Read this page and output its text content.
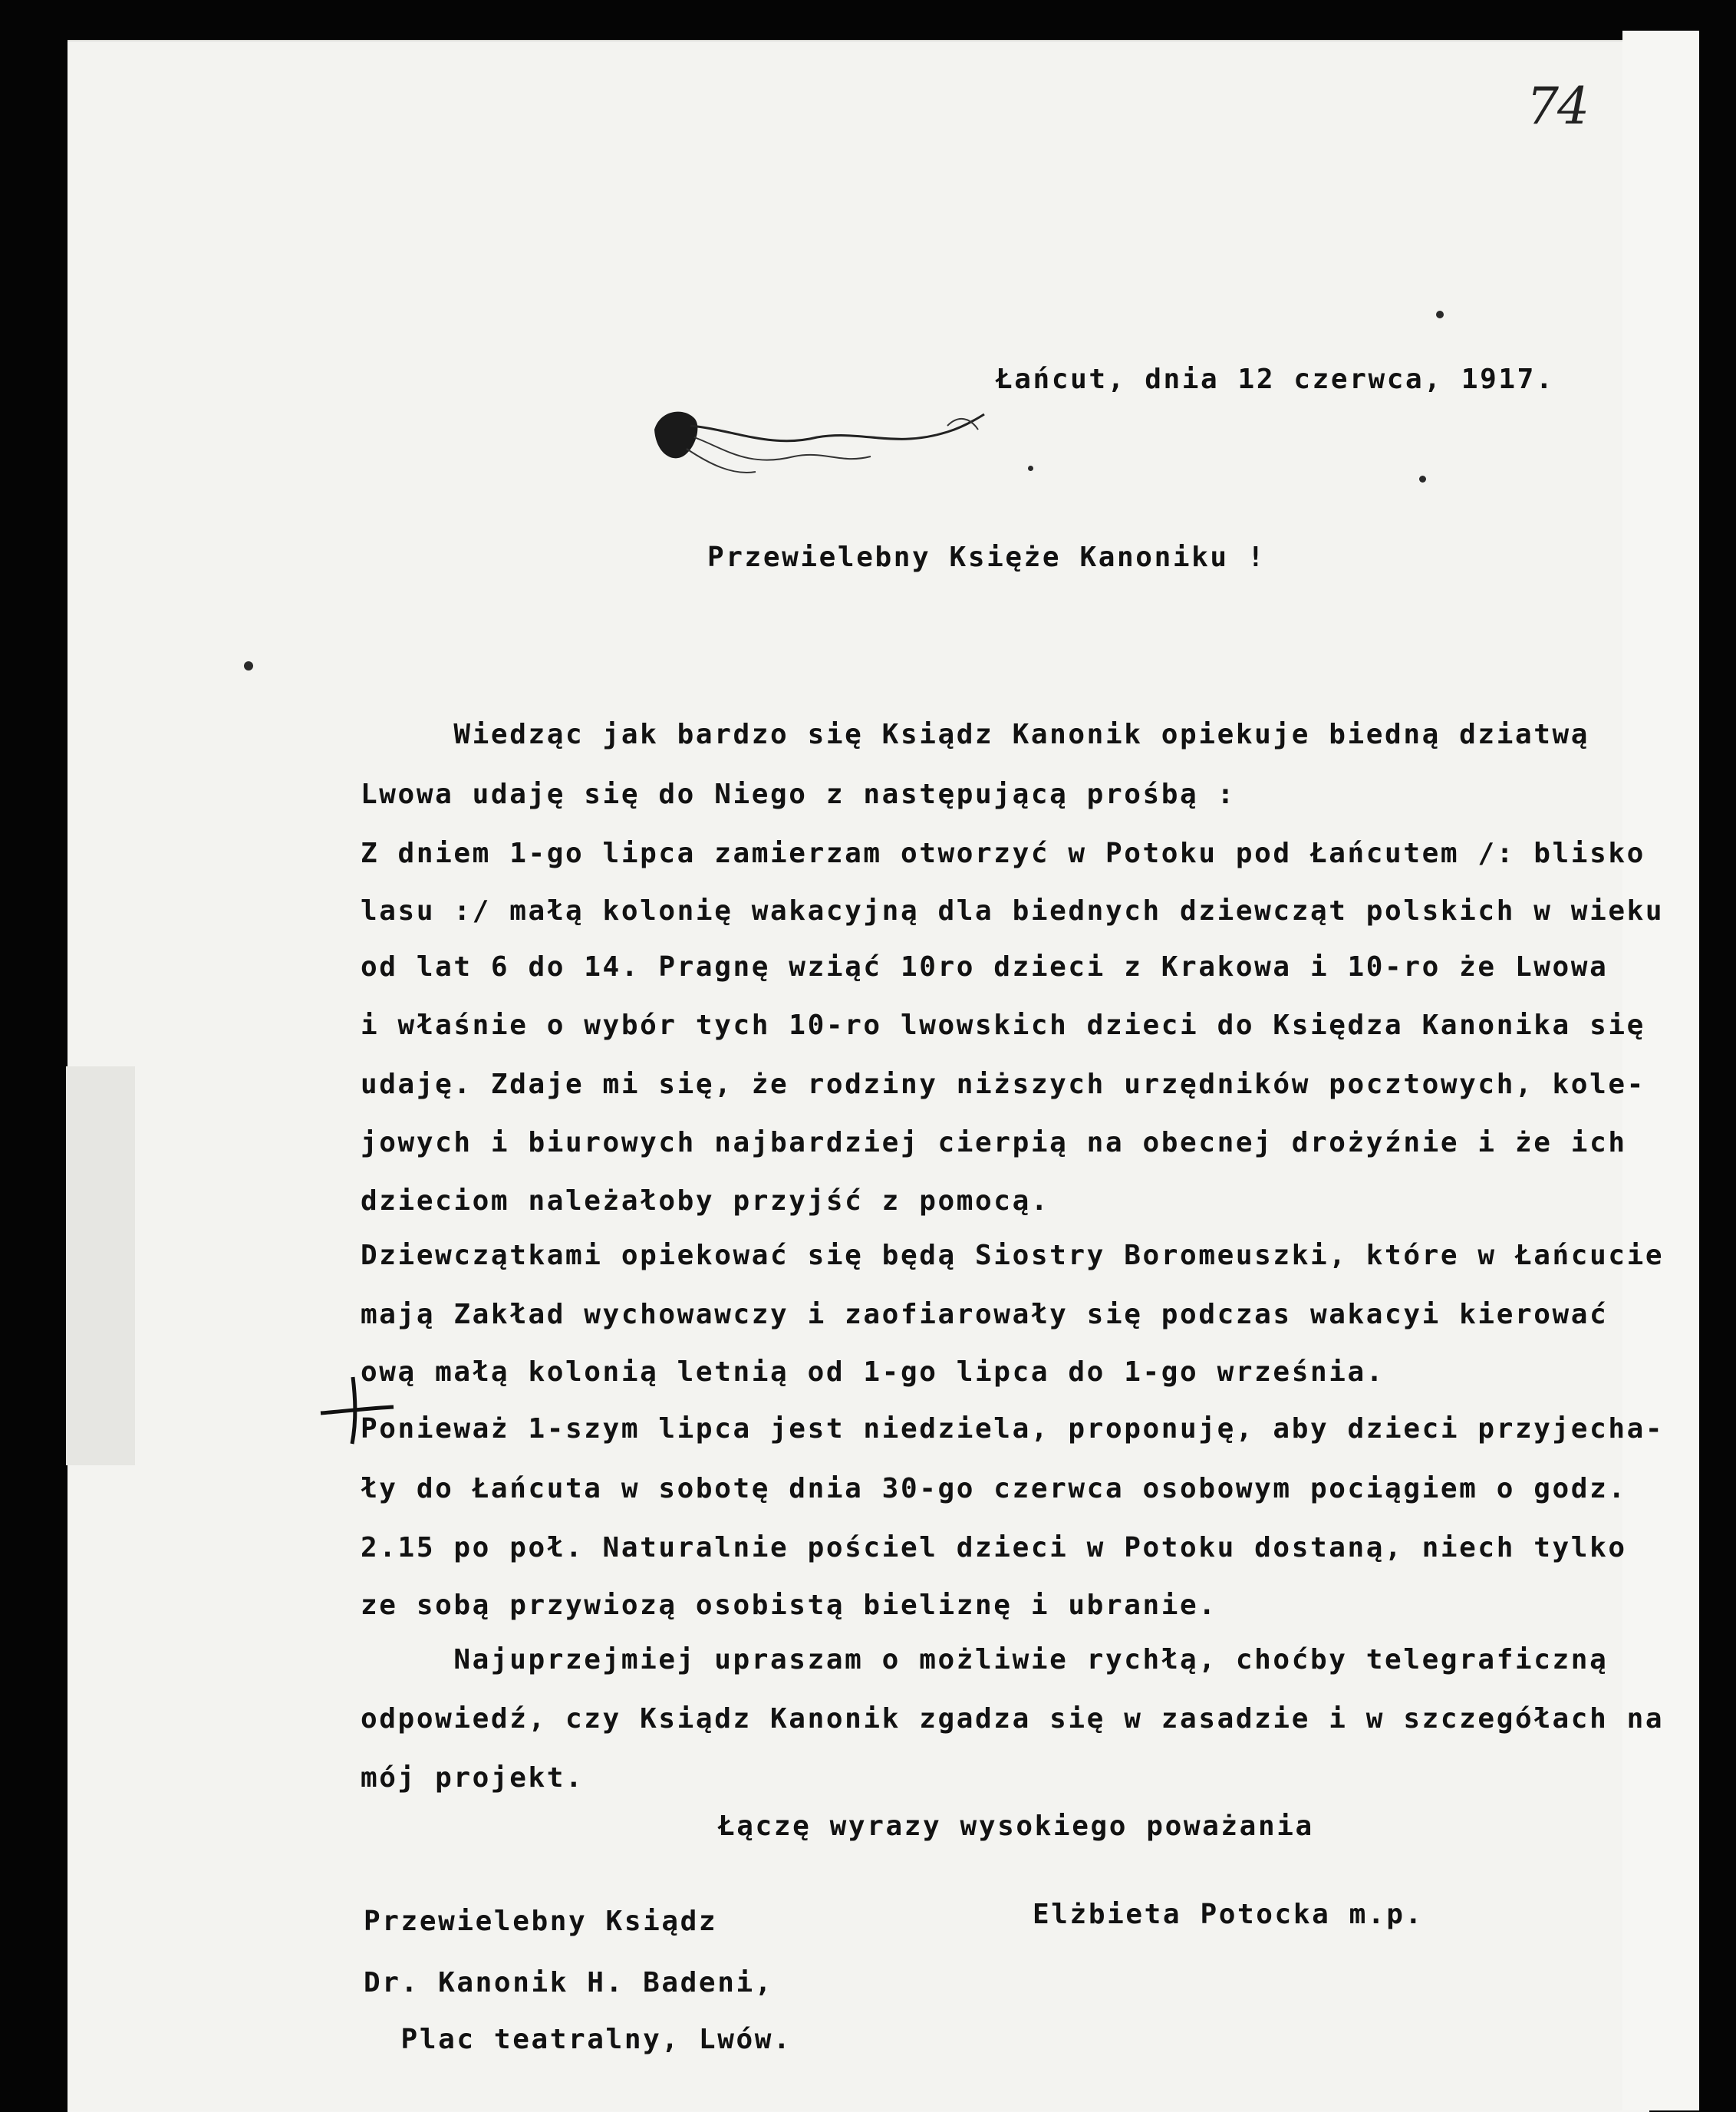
74
Łańcut, dnia 12 czerwca, 1917.
Przewielebny Księże Kanoniku !
Wiedząc jak bardzo się Ksiądz Kanonik opiekuje biedną dziatwą
Lwowa udaję się do Niego z następującą prośbą :
Z dniem 1-go lipca zamierzam otworzyć w Potoku pod Łańcutem /: blisko
lasu :/ małą kolonię wakacyjną dla biednych dziewcząt polskich w wieku
od lat 6 do 14. Pragnę wziąć 10ro dzieci z Krakowa i 10-ro że Lwowa
i właśnie o wybór tych 10-ro lwowskich dzieci do Księdza Kanonika się
udaję. Zdaje mi się, że rodziny niższych urzędników pocztowych, kole-
jowych i biurowych najbardziej cierpią na obecnej drożyźnie i że ich
dzieciom należałoby przyjść z pomocą.
Dziewczątkami opiekować się będą Siostry Boromeuszki, które w Łańcucie
mają Zakład wychowawczy i zaofiarowały się podczas wakacyi kierować
ową małą kolonią letnią od 1-go lipca do 1-go września.
Ponieważ 1-szym lipca jest niedziela, proponuję, aby dzieci przyjecha-
ły do Łańcuta w sobotę dnia 30-go czerwca osobowym pociągiem o godz.
2.15 po poł. Naturalnie pościel dzieci w Potoku dostaną, niech tylko
ze sobą przywiozą osobistą bieliznę i ubranie.
Najuprzejmiej upraszam o możliwie rychłą, choćby telegraficzną
odpowiedź, czy Ksiądz Kanonik zgadza się w zasadzie i w szczegółach na
mój projekt.
Łączę wyrazy wysokiego poważania
Elżbieta Potocka m.p.
Przewielebny Ksiądz
Dr. Kanonik H. Badeni,
Plac teatralny, Lwów.
